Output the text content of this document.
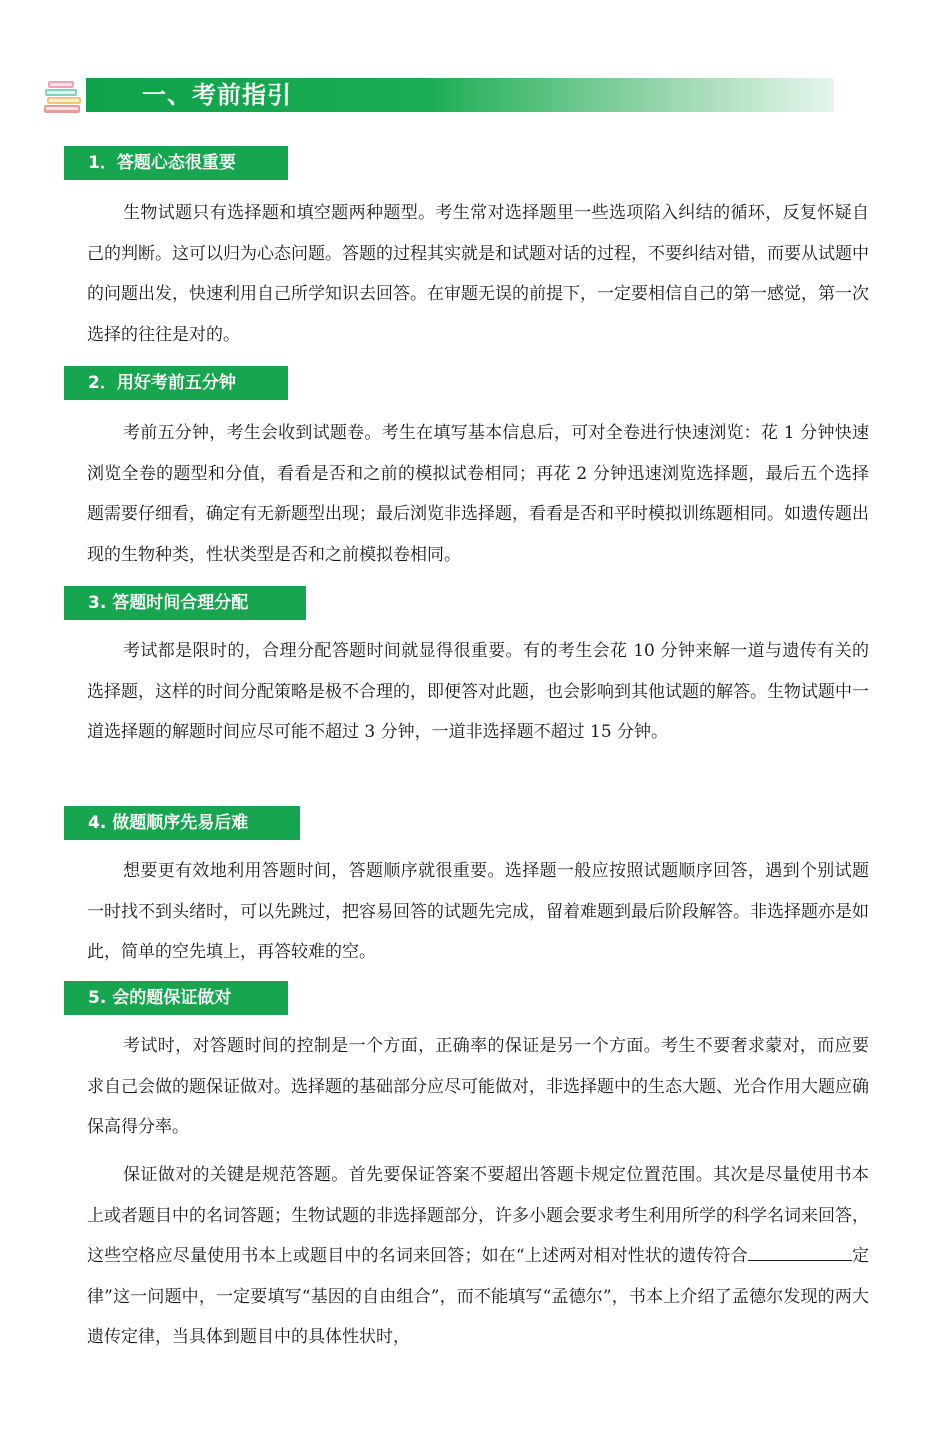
一、考前指引
1．答题心态很重要

生物试题只有选择题和填空题两种题型。考生常对选择题里一些选项陷入纠结的循环，反复怀疑自己的判断。这可以归为心态问题。答题的过程其实就是和试题对话的过程，不要纠结对错，而要从试题中的问题出发，快速利用自己所学知识去回答。在审题无误的前提下，一定要相信自己的第一感觉，第一次选择的往往是对的。

2．用好考前五分钟

考前五分钟，考生会收到试题卷。考生在填写基本信息后，可对全卷进行快速浏览：花 1 分钟快速浏览全卷的题型和分值，看看是否和之前的模拟试卷相同；再花 2 分钟迅速浏览选择题，最后五个选择题需要仔细看，确定有无新题型出现；最后浏览非选择题，看看是否和平时模拟训练题相同。如遗传题出现的生物种类，性状类型是否和之前模拟卷相同。

3. 答题时间合理分配

考试都是限时的，合理分配答题时间就显得很重要。有的考生会花 10 分钟来解一道与遗传有关的选择题，这样的时间分配策略是极不合理的，即便答对此题，也会影响到其他试题的解答。生物试题中一道选择题的解题时间应尽可能不超过 3 分钟，一道非选择题不超过 15 分钟。

4. 做题顺序先易后难

想要更有效地利用答题时间，答题顺序就很重要。选择题一般应按照试题顺序回答，遇到个别试题一时找不到头绪时，可以先跳过，把容易回答的试题先完成，留着难题到最后阶段解答。非选择题亦是如此，简单的空先填上，再答较难的空。

5. 会的题保证做对

考试时，对答题时间的控制是一个方面，正确率的保证是另一个方面。考生不要奢求蒙对，而应要求自己会做的题保证做对。选择题的基础部分应尽可能做对，非选择题中的生态大题、光合作用大题应确保高得分率。

保证做对的关键是规范答题。首先要保证答案不要超出答题卡规定位置范围。其次是尽量使用书本上或者题目中的名词答题；生物试题的非选择题部分，许多小题会要求考生利用所学的科学名词来回答，这些空格应尽量使用书本上或题目中的名词来回答；如在“上述两对相对性状的遗传符合	定律”这一问题中，一定要填写“基因的自由组合”，而不能填写“孟德尔”，书本上介绍了孟德尔发现的两大遗传定律，当具体到题目中的具体性状时，
